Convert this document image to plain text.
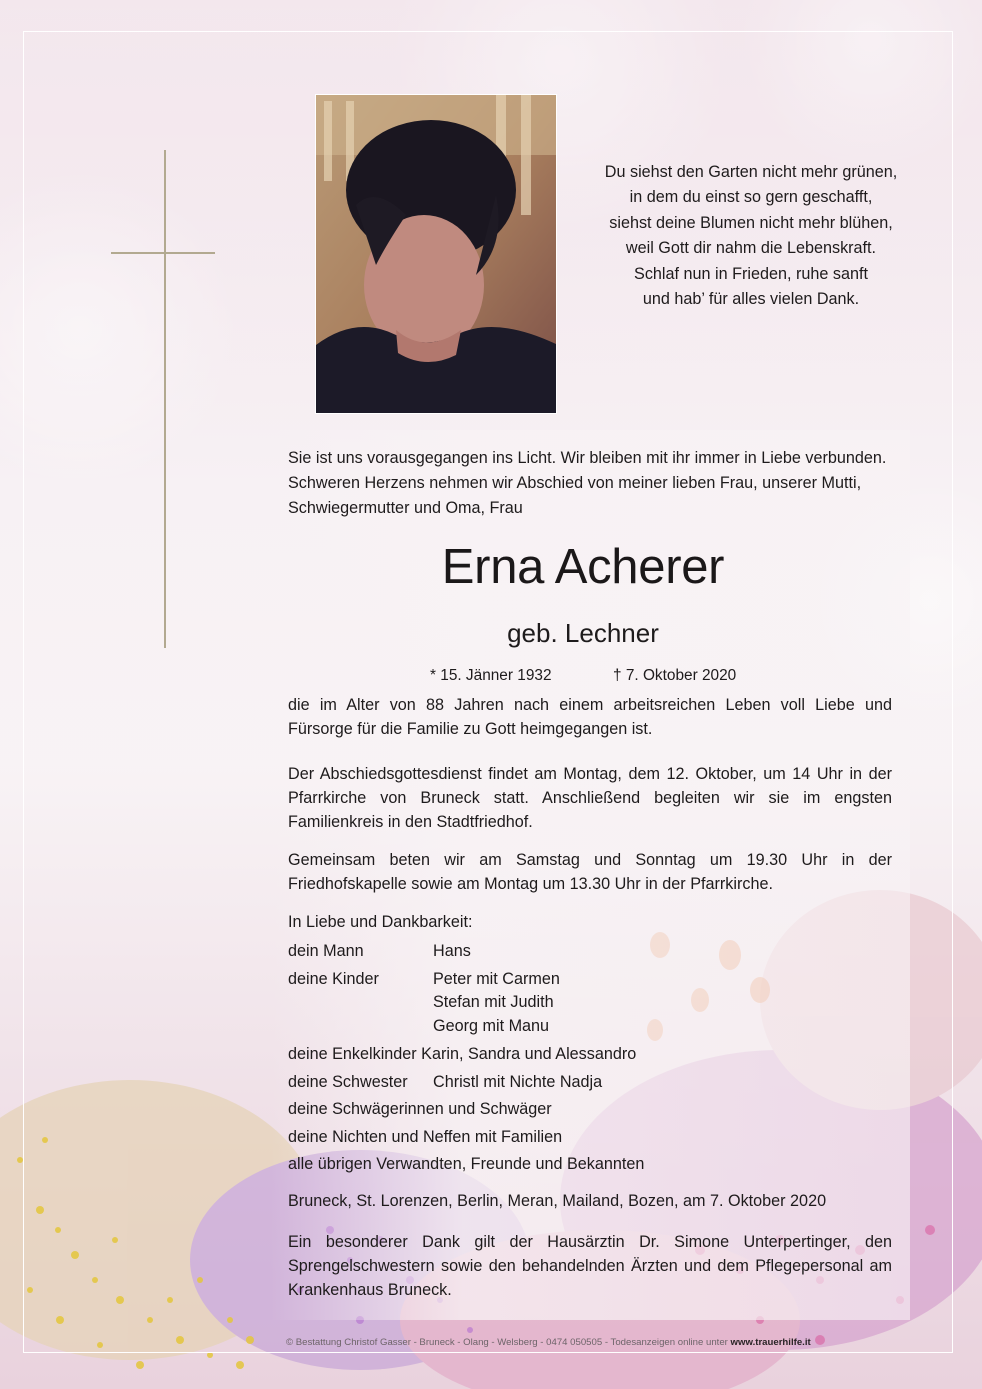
Du siehst den Garten nicht mehr grünen,
in dem du einst so gern geschafft,
siehst deine Blumen nicht mehr blühen,
weil Gott dir nahm die Lebenskraft.
Schlaf nun in Frieden, ruhe sanft
und hab’ für alles vielen Dank.
Sie ist uns vorausgegangen ins Licht. Wir bleiben mit ihr immer in Liebe verbunden.
Schweren Herzens nehmen wir Abschied von meiner lieben Frau, unserer Mutti,
Schwiegermutter und Oma, Frau
Erna Acherer
geb. Lechner
* 15. Jänner 1932	† 7. Oktober 2020
die im Alter von 88 Jahren nach einem arbeitsreichen Leben voll Liebe und Fürsorge für die Familie zu Gott heimgegangen ist.
Der Abschiedsgottesdienst findet am Montag, dem 12. Oktober, um 14 Uhr in der Pfarrkirche von Bruneck statt. Anschließend begleiten wir sie im engsten Familienkreis in den Stadtfriedhof.
Gemeinsam beten wir am Samstag und Sonntag um 19.30 Uhr in der Friedhofskapelle sowie am Montag um 13.30 Uhr in der Pfarrkirche.
In Liebe und Dankbarkeit:
dein Mann	Hans
deine Kinder	Peter mit Carmen
Stefan mit Judith
Georg mit Manu
deine Enkelkinder Karin, Sandra und Alessandro
deine Schwester Christl mit Nichte Nadja
deine Schwägerinnen und Schwäger
deine Nichten und Neffen mit Familien
alle übrigen Verwandten, Freunde und Bekannten
Bruneck, St. Lorenzen, Berlin, Meran, Mailand, Bozen, am 7. Oktober 2020
Ein besonderer Dank gilt der Hausärztin Dr. Simone Unterpertinger, den Sprengelschwestern sowie den behandelnden Ärzten und dem Pflegepersonal am Krankenhaus Bruneck.
© Bestattung Christof Gasser - Bruneck - Olang - Welsberg - 0474 050505 - Todesanzeigen online unter www.trauerhilfe.it
